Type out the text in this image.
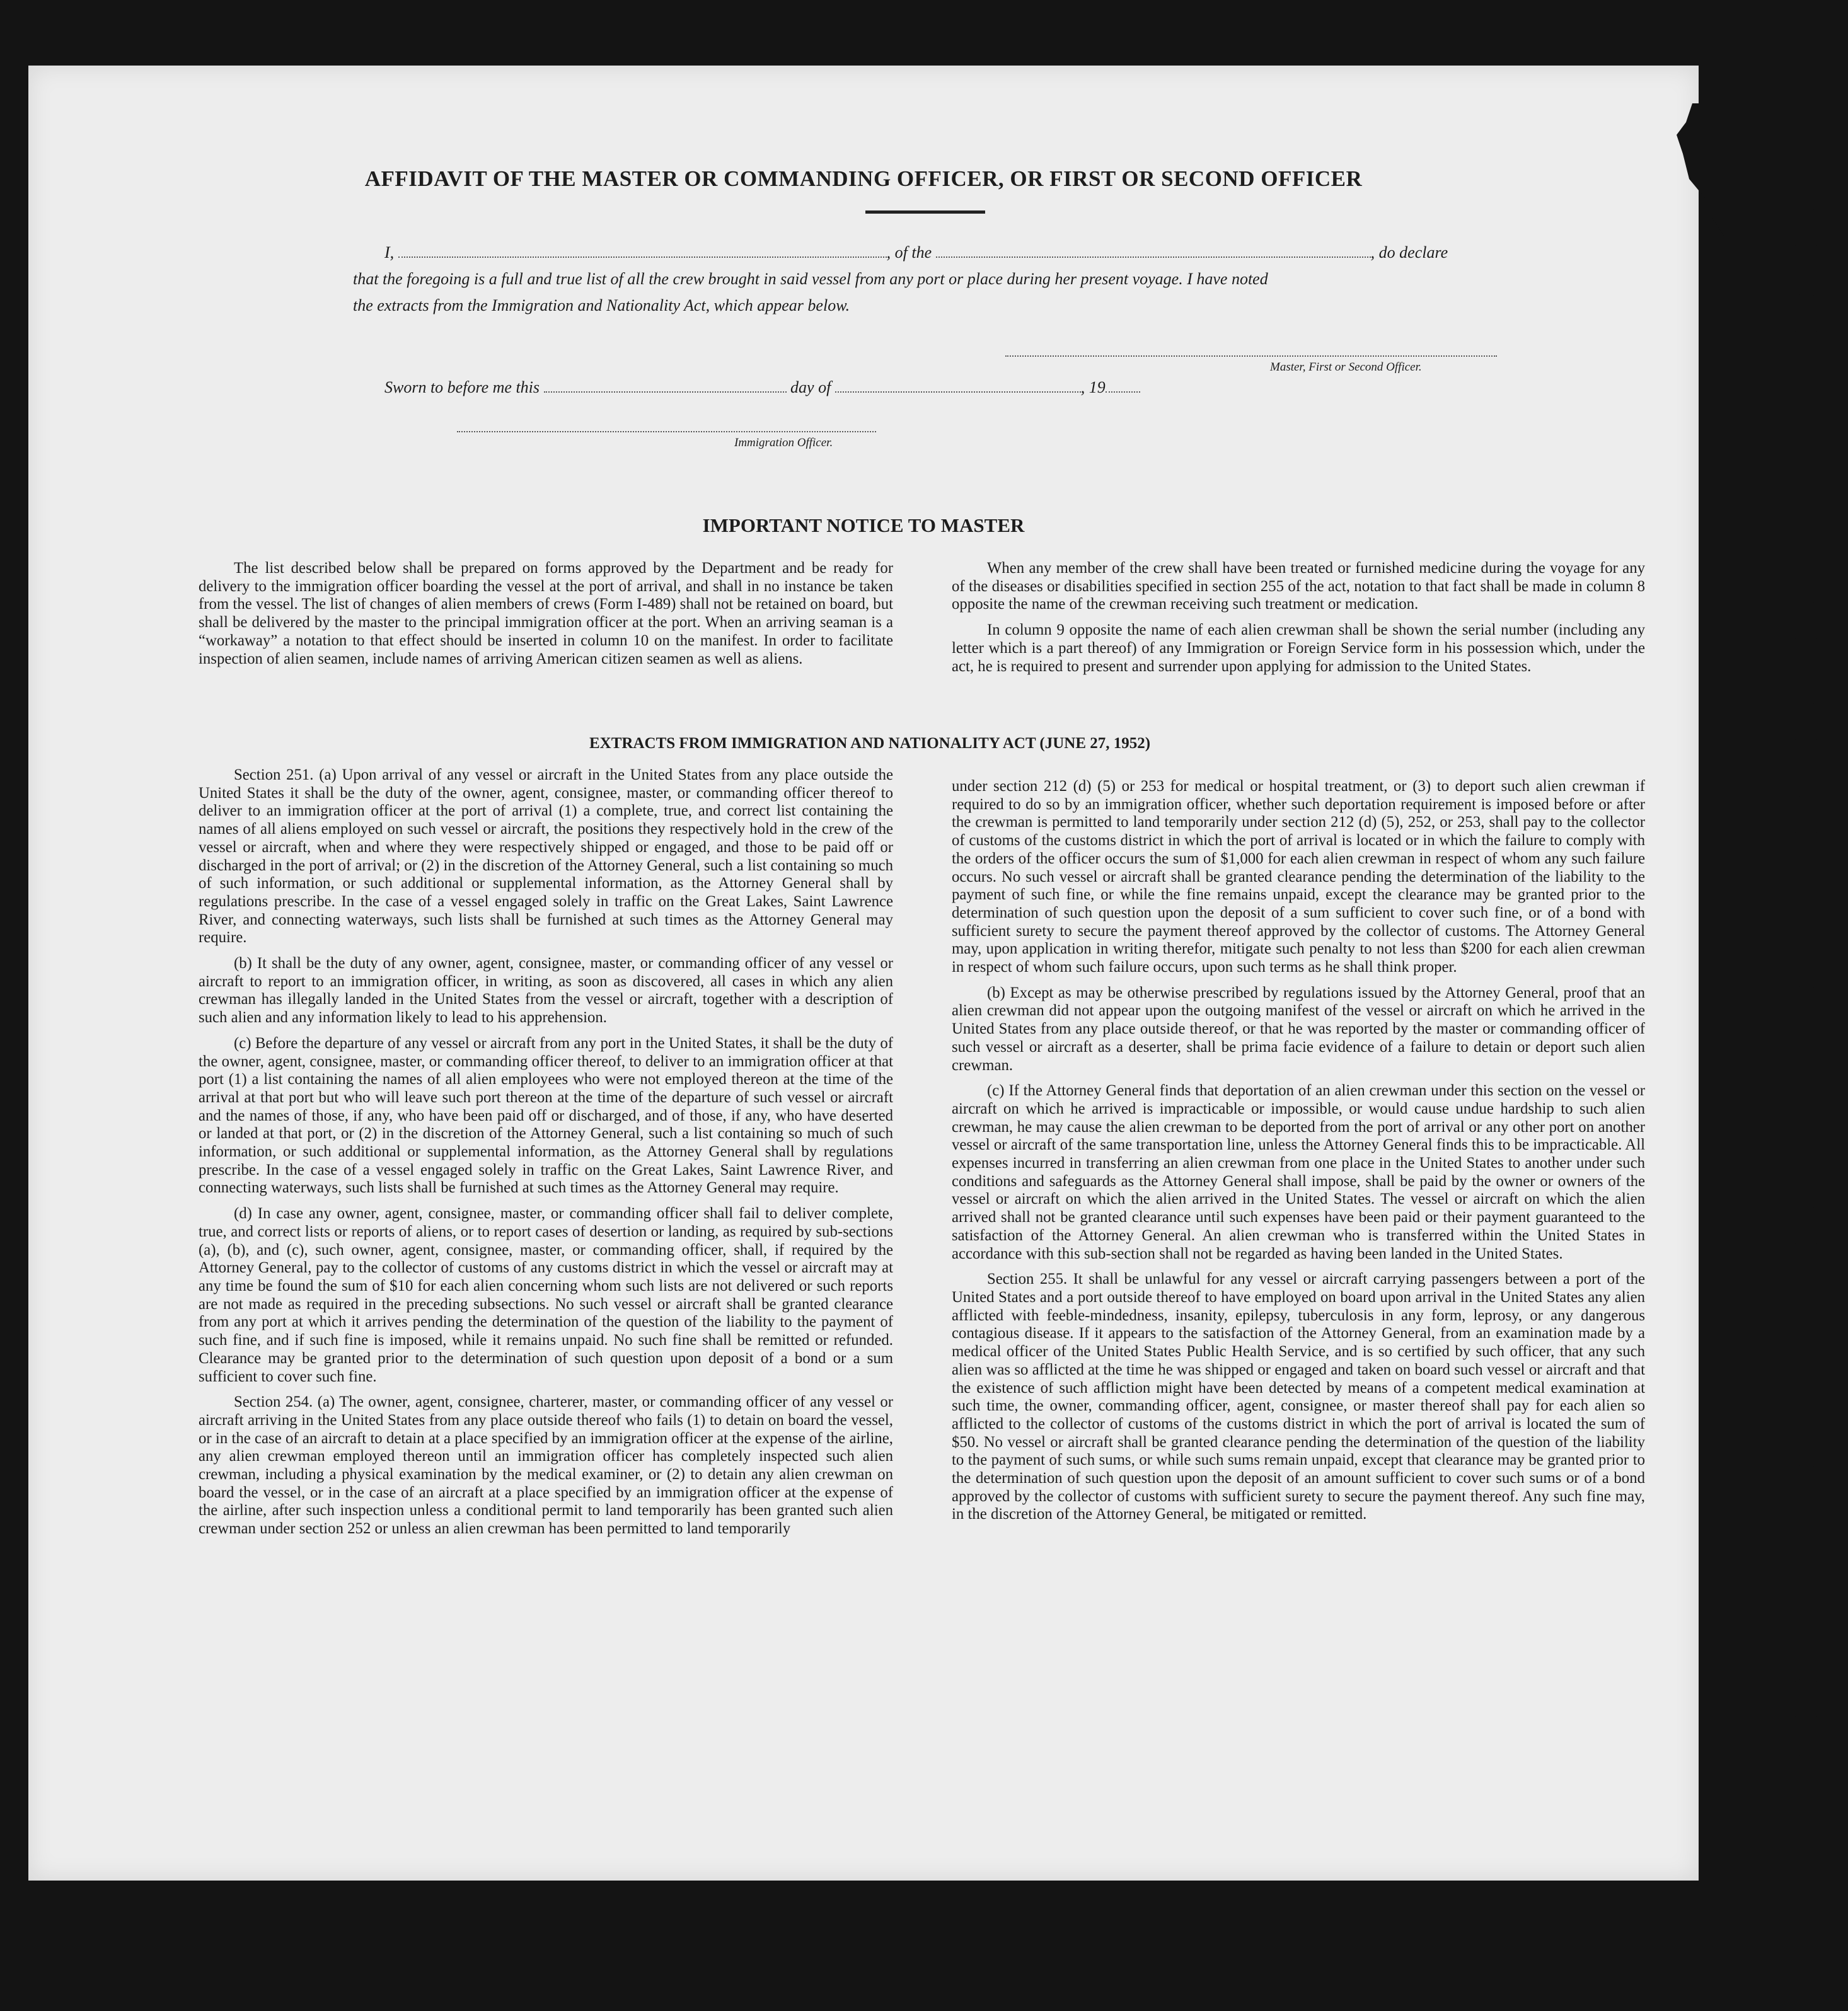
AFFIDAVIT OF THE MASTER OR COMMANDING OFFICER, OR FIRST OR SECOND OFFICER
I,	, of the	, do declare
that the foregoing is a full and true list of all the crew brought in said vessel from any port or place during her present voyage. I have noted
the extracts from the Immigration and Nationality Act, which appear below.
Master, First or Second Officer.
Sworn to before me this	day of	, 19
Immigration Officer.
IMPORTANT NOTICE TO MASTER

The list described below shall be prepared on forms approved by the Department and be ready for delivery to the immigration officer boarding the vessel at the port of arrival, and shall in no instance be taken from the vessel. The list of changes of alien members of crews (Form I-489) shall not be retained on board, but shall be delivered by the master to the principal immigration officer at the port. When an arriving seaman is a “workaway” a notation to that effect should be inserted in column 10 on the manifest. In order to facilitate inspection of alien seamen, include names of arriving American citizen seamen as well as aliens.

When any member of the crew shall have been treated or furnished medicine during the voyage for any of the diseases or disabilities specified in section 255 of the act, notation to that fact shall be made in column 8 opposite the name of the crewman receiving such treatment or medication.

In column 9 opposite the name of each alien crewman shall be shown the serial number (including any letter which is a part thereof) of any Immigration or Foreign Service form in his possession which, under the act, he is required to present and surrender upon applying for admission to the United States.

EXTRACTS FROM IMMIGRATION AND NATIONALITY ACT (JUNE 27, 1952)

Section 251. (a) Upon arrival of any vessel or aircraft in the United States from any place outside the United States it shall be the duty of the owner, agent, consignee, master, or commanding officer thereof to deliver to an immigration officer at the port of arrival (1) a complete, true, and correct list containing the names of all aliens employed on such vessel or aircraft, the positions they respectively hold in the crew of the vessel or aircraft, when and where they were respectively shipped or engaged, and those to be paid off or discharged in the port of arrival; or (2) in the discretion of the Attorney General, such a list containing so much of such information, or such additional or supplemental information, as the Attorney General shall by regulations prescribe. In the case of a vessel engaged solely in traffic on the Great Lakes, Saint Lawrence River, and connecting waterways, such lists shall be furnished at such times as the Attorney General may require.

(b) It shall be the duty of any owner, agent, consignee, master, or commanding officer of any vessel or aircraft to report to an immigration officer, in writing, as soon as discovered, all cases in which any alien crewman has illegally landed in the United States from the vessel or aircraft, together with a description of such alien and any information likely to lead to his apprehension.

(c) Before the departure of any vessel or aircraft from any port in the United States, it shall be the duty of the owner, agent, consignee, master, or commanding officer thereof, to deliver to an immigration officer at that port (1) a list containing the names of all alien employees who were not employed thereon at the time of the arrival at that port but who will leave such port thereon at the time of the departure of such vessel or aircraft and the names of those, if any, who have been paid off or discharged, and of those, if any, who have deserted or landed at that port, or (2) in the discretion of the Attorney General, such a list containing so much of such information, or such additional or supplemental information, as the Attorney General shall by regulations prescribe. In the case of a vessel engaged solely in traffic on the Great Lakes, Saint Lawrence River, and connecting waterways, such lists shall be furnished at such times as the Attorney General may require.

(d) In case any owner, agent, consignee, master, or commanding officer shall fail to deliver complete, true, and correct lists or reports of aliens, or to report cases of desertion or landing, as required by sub-sections (a), (b), and (c), such owner, agent, consignee, master, or commanding officer, shall, if required by the Attorney General, pay to the collector of customs of any customs district in which the vessel or aircraft may at any time be found the sum of $10 for each alien concerning whom such lists are not delivered or such reports are not made as required in the preceding subsections. No such vessel or aircraft shall be granted clearance from any port at which it arrives pending the determination of the question of the liability to the payment of such fine, and if such fine is imposed, while it remains unpaid. No such fine shall be remitted or refunded. Clearance may be granted prior to the determination of such question upon deposit of a bond or a sum sufficient to cover such fine.

Section 254. (a) The owner, agent, consignee, charterer, master, or commanding officer of any vessel or aircraft arriving in the United States from any place outside thereof who fails (1) to detain on board the vessel, or in the case of an aircraft to detain at a place specified by an immigration officer at the expense of the airline, any alien crewman employed thereon until an immigration officer has completely inspected such alien crewman, including a physical examination by the medical examiner, or (2) to detain any alien crewman on board the vessel, or in the case of an aircraft at a place specified by an immigration officer at the expense of the airline, after such inspection unless a conditional permit to land temporarily has been granted such alien crewman under section 252 or unless an alien crewman has been permitted to land temporarily

under section 212 (d) (5) or 253 for medical or hospital treatment, or (3) to deport such alien crewman if required to do so by an immigration officer, whether such deportation requirement is imposed before or after the crewman is permitted to land temporarily under section 212 (d) (5), 252, or 253, shall pay to the collector of customs of the customs district in which the port of arrival is located or in which the failure to comply with the orders of the officer occurs the sum of $1,000 for each alien crewman in respect of whom any such failure occurs. No such vessel or aircraft shall be granted clearance pending the determination of the liability to the payment of such fine, or while the fine remains unpaid, except the clearance may be granted prior to the determination of such question upon the deposit of a sum sufficient to cover such fine, or of a bond with sufficient surety to secure the payment thereof approved by the collector of customs. The Attorney General may, upon application in writing therefor, mitigate such penalty to not less than $200 for each alien crewman in respect of whom such failure occurs, upon such terms as he shall think proper.

(b) Except as may be otherwise prescribed by regulations issued by the Attorney General, proof that an alien crewman did not appear upon the outgoing manifest of the vessel or aircraft on which he arrived in the United States from any place outside thereof, or that he was reported by the master or commanding officer of such vessel or aircraft as a deserter, shall be prima facie evidence of a failure to detain or deport such alien crewman.

(c) If the Attorney General finds that deportation of an alien crewman under this section on the vessel or aircraft on which he arrived is impracticable or impossible, or would cause undue hardship to such alien crewman, he may cause the alien crewman to be deported from the port of arrival or any other port on another vessel or aircraft of the same transportation line, unless the Attorney General finds this to be impracticable. All expenses incurred in transferring an alien crewman from one place in the United States to another under such conditions and safeguards as the Attorney General shall impose, shall be paid by the owner or owners of the vessel or aircraft on which the alien arrived in the United States. The vessel or aircraft on which the alien arrived shall not be granted clearance until such expenses have been paid or their payment guaranteed to the satisfaction of the Attorney General. An alien crewman who is transferred within the United States in accordance with this sub-section shall not be regarded as having been landed in the United States.

Section 255. It shall be unlawful for any vessel or aircraft carrying passengers between a port of the United States and a port outside thereof to have employed on board upon arrival in the United States any alien afflicted with feeble-mindedness, insanity, epilepsy, tuberculosis in any form, leprosy, or any dangerous contagious disease. If it appears to the satisfaction of the Attorney General, from an examination made by a medical officer of the United States Public Health Service, and is so certified by such officer, that any such alien was so afflicted at the time he was shipped or engaged and taken on board such vessel or aircraft and that the existence of such affliction might have been detected by means of a competent medical examination at such time, the owner, commanding officer, agent, consignee, or master thereof shall pay for each alien so afflicted to the collector of customs of the customs district in which the port of arrival is located the sum of $50. No vessel or aircraft shall be granted clearance pending the determination of the question of the liability to the payment of such sums, or while such sums remain unpaid, except that clearance may be granted prior to the determination of such question upon the deposit of an amount sufficient to cover such sums or of a bond approved by the collector of customs with sufficient surety to secure the payment thereof. Any such fine may, in the discretion of the Attorney General, be mitigated or remitted.
